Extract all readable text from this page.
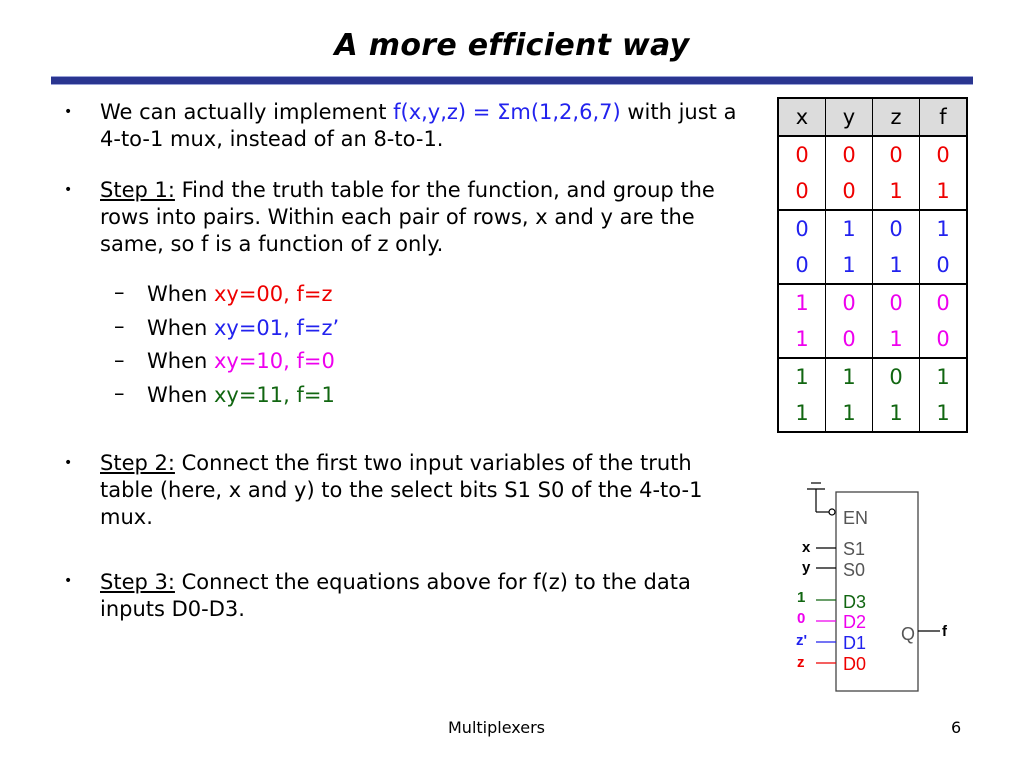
A more efficient way
• We can actually implement f(x,y,z) = Σm(1,2,6,7) with just a 4-to-1 mux, instead of an 8-to-1.
• Step 1: Find the truth table for the function, and group the rows into pairs. Within each pair of rows, x and y are the same, so f is a function of z only.
– When xy=00, f=z
– When xy=01, f=z’
– When xy=10, f=0
– When xy=11, f=1
• Step 2: Connect the first two input variables of the truth table (here, x and y) to the select bits S1 S0 of the 4-to-1 mux.
• Step 3: Connect the equations above for f(z) to the data inputs D0-D3.
x	y	z	f
0	0	0	0
0	0	1	1
0	1	0	1
0	1	1	0
1	0	0	0
1	0	1	0
1	1	0	1
1	1	1	1
EN
S1
S0
D3
D2
D1
D0
Q
x
y
1
0
z'
z
f
Multiplexers	6
